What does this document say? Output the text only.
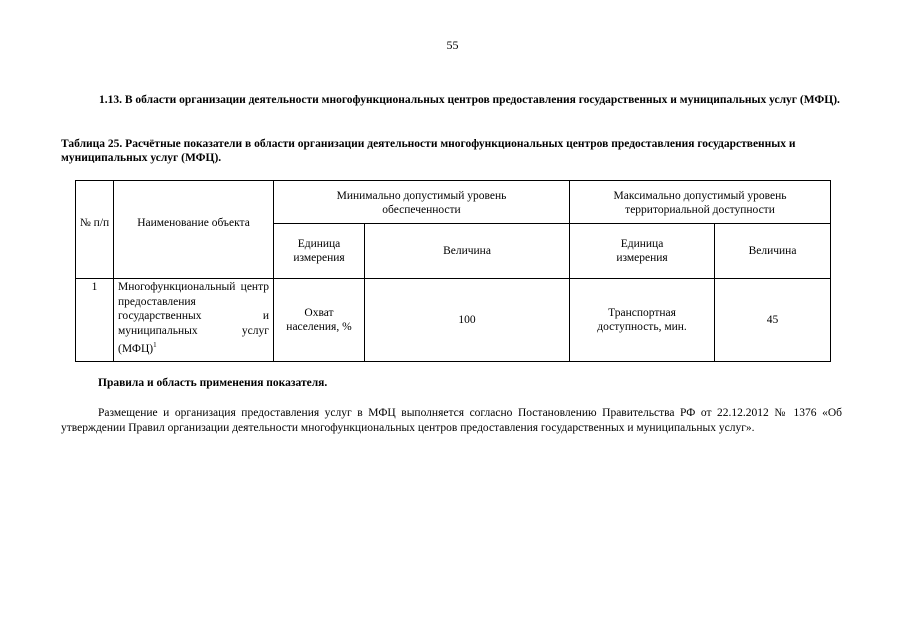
55
1.13. В области организации деятельности многофункциональных центров предоставления государственных и муниципальных услуг (МФЦ).
Таблица 25. Расчётные показатели в области организации деятельности многофункциональных центров предоставления государственных и муниципальных услуг (МФЦ).
№ п/п	Наименование объекта	Минимально допустимый уровень обеспеченности		Максимально допустимый уровень территориальной доступности	
		Единица измерения	Величина	Единица измерения	Величина
1	Многофункциональный центр предоставления государственных и муниципальных услуг (МФЦ)$^1$	Охват населения, %	100	Транспортная доступность, мин.	45
Правила и область применения показателя.
Размещение и организация предоставления услуг в МФЦ выполняется согласно Постановлению Правительства РФ от 22.12.2012 № 1376 «Об утверждении Правил организации деятельности многофункциональных центров предоставления государственных и муниципальных услуг».
